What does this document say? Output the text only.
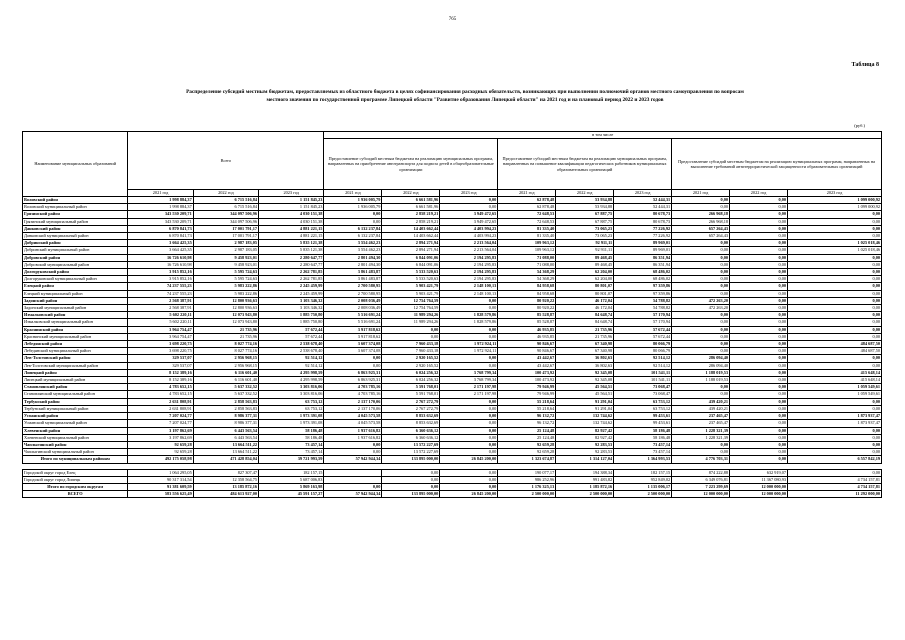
765
Таблица 8
Распределение субсидий местным бюджетам, предоставляемых из областного бюджета в целях софинансирования расходных обязательств, возникающих при выполнении полномочий органов местного самоуправления по вопросам местного значения по государственной программе Липецкой области "Развитие образования Липецкой области" на 2021 год и на плановый период 2022 и 2023 годов
(руб.)
Наименование муниципальных образований	Всего			в том числе								
				Предоставление субсидий местным бюджетам на реализацию муниципальных программ, направленных на приобретение автотранспорта для подвоза детей в общеобразовательные организации			Предоставление субсидий местным бюджетам на реализацию муниципальных программ, направленных на повышение квалификации педагогических работников муниципальных образовательных организаций			Предоставление субсидий местным бюджетам на реализацию муниципальных программ, направленных на выполнение требований антитеррористической защищенности образовательных организаций		
	2021 год	2022 год	2023 год	2021 год	2022 год	2023 год	2021 год	2022 год	2023 год	2021 год	2022 год	2023 год
Воловский район	1 998 884,37	6 715 516,84	1 151 845,23	1 936 005,79	6 661 581,96	0,00	62 878,48	53 934,88	52 444,31	0,00	0,00	1 099 000,92
Воловский муниципальный район	1 998 884,37	6 715 516,84	1 151 845,23	1 936 005,79	6 661 581,96	0,00	62 878,48	53 934,88	52 444,31	0,00	0,00	1 099 000,92
Грязинский район	343 530 209,71	344 097 506,96	4 030 151,38	0,00	2 858 219,21	3 949 472,65	72 648,53	67 887,75	80 678,73	266 968,18	0,00	0,00
Грязинский муниципальный район	343 530 209,71	344 097 506,96	4 030 151,38	0,00	2 858 219,21	3 949 472,65	72 648,53	67 887,75	80 678,73	266 968,18	0,00	0,00
Данковский район	6 870 841,73	17 001 791,17	4 881 221,15	6 132 237,84	14 403 662,44	4 403 994,23	81 335,40	73 065,23	77 226,92	657 264,43	0,00	0,00
Данковский муниципальный район	6 870 841,73	17 001 791,17	4 881 221,15	6 132 237,84	14 403 662,44	4 403 994,23	81 335,40	73 065,23	77 226,92	657 264,43	0,00	0,00
Добринский район	3 664 425,35	2 987 183,05	5 835 121,38	3 554 462,23	2 894 271,94	2 213 564,04	109 963,12	92 911,11	89 969,01	0,00	0,00	1 025 018,46
Добринский муниципальный район	3 664 425,35	2 987 183,05	5 835 121,38	3 554 462,23	2 894 271,94	2 213 564,04	109 963,12	92 911,11	89 969,01	0,00	0,00	1 025 018,46
Добровский район	16 726 610,98	9 458 923,01	2 280 647,77	2 801 494,30	6 844 091,06	2 194 295,83	71 088,00	89 468,45	86 351,94	0,00	0,00	0,00
Добровский муниципальный район	16 726 610,98	9 458 923,01	2 280 647,77	2 801 494,30	6 844 091,06	2 194 295,83	71 088,00	89 468,45	86 351,94	0,00	0,00	0,00
Долгоруковский район	3 915 852,16	5 595 724,63	2 262 781,85	3 861 483,87	5 533 520,63	2 194 295,83	54 368,29	62 204,00	68 486,02	0,00	0,00	0,00
Долгоруковский муниципальный район	3 915 852,16	5 595 724,63	2 262 781,85	3 861 483,87	5 533 520,63	2 194 295,83	54 368,29	62 204,00	68 486,02	0,00	0,00	0,00
Елецкий район	74 237 555,23	5 983 222,86	2 245 459,99	2 700 580,95	5 903 421,79	2 148 100,13	84 958,68	80 801,07	97 359,86	0,00	0,00	0,00
Елецкий муниципальный район	74 237 555,23	5 983 222,86	2 245 459,99	2 700 580,95	5 903 421,79	2 148 100,13	84 958,68	80 801,07	97 359,86	0,00	0,00	0,00
Задонский район	2 568 387,91	12 800 936,63	3 103 346,32	2 008 036,49	12 754 764,59	0,00	80 920,22	46 172,04	54 788,82	472 263,20	0,00	0,00
Задонский муниципальный район	2 568 387,91	12 800 936,63	3 103 346,32	2 008 036,49	12 754 764,59	0,00	80 920,22	46 172,04	54 788,82	472 263,20	0,00	0,00
Измалковский район	5 602 220,11	12 073 943,80	1 885 750,80	5 516 691,24	11 989 294,26	1 828 579,86	85 528,87	84 648,74	57 170,94	0,00	0,00	0,00
Измалковский муниципальный район	5 602 220,11	12 073 943,80	1 885 750,80	5 516 691,24	11 989 294,26	1 828 579,86	85 528,87	84 648,74	57 170,94	0,00	0,00	0,00
Краснинский район	3 964 754,47	21 735,96	57 672,44	3 917 818,62	0,00	0,00	46 935,85	21 735,96	57 672,44	0,00	0,00	0,00
Краснинский муниципальный район	3 964 754,47	21 735,96	57 672,44	3 917 818,62	0,00	0,00	46 935,85	21 735,96	57 672,44	0,00	0,00	0,00
Лебедянский район	3 698 220,75	8 027 774,16	2 538 678,40	3 607 374,08	7 960 433,18	1 972 924,11	90 846,67	67 340,98	80 066,79	0,00	0,00	484 687,50
Лебедянский муниципальный район	3 698 220,75	8 027 774,16	2 538 678,40	3 607 374,08	7 960 433,18	1 972 924,11	90 846,67	67 340,98	80 066,79	0,00	0,00	484 687,50
Лев-Толстовский район	329 537,07	2 956 968,15	92 514,12	0,00	2 920 165,52	0,00	43 442,67	36 802,63	92 514,12	286 094,40	0,00	0,00
Лев-Толстовский муниципальный район	329 537,07	2 956 968,15	92 514,12	0,00	2 920 165,52	0,00	43 442,67	36 802,63	92 514,12	286 094,40	0,00	0,00
Липецкий район	8 152 389,16	6 116 601,40	4 295 998,59	6 863 925,31	6 024 256,32	3 768 799,34	100 473,92	92 345,08	101 541,11	1 188 019,53	0,00	415 648,14
Липецкий муниципальный район	8 152 389,16	6 116 601,40	4 295 998,59	6 863 925,31	6 024 256,32	3 768 799,34	100 473,92	92 345,08	101 541,11	1 188 019,53	0,00	415 648,14
Становлянский район	4 783 652,15	5 637 332,52	3 303 816,06	4 703 785,16	5 591 768,01	2 171 197,98	79 946,99	45 564,51	73 068,47	0,00	0,00	1 059 549,61
Становлянский муниципальный район	4 783 652,15	5 637 332,52	3 303 816,06	4 703 785,16	5 591 768,01	2 171 197,98	79 946,99	45 564,51	73 068,47	0,00	0,00	1 059 549,61
Тербунский район	2 631 808,91	2 858 563,83	63 753,12	2 137 170,06	2 767 272,79	0,00	55 218,64	91 291,04	63 753,12	439 420,21	0,00	0,00
Тербунский муниципальный район	2 631 808,91	2 858 563,83	63 753,12	2 137 170,06	2 767 272,79	0,00	55 218,64	91 291,04	63 753,12	439 420,21	0,00	0,00
Усманский район	7 207 024,77	8 986 377,31	1 973 391,08	4 045 573,58	8 853 632,69	0,00	96 132,72	132 744,62	99 453,61	237 465,47	0,00	1 873 937,47
Усманский муниципальный район	7 207 024,77	8 986 377,31	1 973 391,08	4 045 573,58	8 853 632,69	0,00	96 132,72	132 744,62	99 453,61	237 465,47	0,00	1 873 937,47
Хлевенский район	3 197 862,69	6 443 563,54	58 186,48	1 937 616,82	6 360 636,12	0,00	25 124,48	82 927,42	58 186,48	1 228 321,39	0,00	0,00
Хлевенский муниципальный район	3 197 862,69	6 443 563,54	58 186,48	1 937 616,82	6 360 636,12	0,00	25 124,48	82 927,42	58 186,48	1 228 321,39	0,00	0,00
Чаплыгинский район	92 659,28	13 664 511,22	73 457,14	0,00	13 572 227,69	0,00	92 659,28	92 283,53	73 457,14	0,00	0,00	0,00
Чаплыгинский муниципальный район	92 659,28	13 664 511,22	73 457,14	0,00	13 572 227,69	0,00	92 659,28	92 283,53	73 457,14	0,00	0,00	0,00
Итого по муниципальным районам	492 175 058,98	471 428 854,04	39 721 993,59	57 942 944,34	133 895 000,00	26 845 200,00	1 323 674,87	1 314 127,04	1 364 993,53	4 776 703,31	0,00	6 557 842,19

Городской округ город Елец	1 064 295,05	827 307,47	182 157,15		0,00	0,00	190 077,17	194 388,34	182 157,15	874 222,88	632 919,07	0,00
Городской округ город Липецк	90 317 314,54	12 358 564,75	5 687 006,83		0,00	0,00	986 252,96	991 483,82	952 849,02	6 349 076,81	11 367 080,93	4 734 157,81
Итого по городским округам	91 381 609,59	13 185 872,16	5 869 163,98	0,00	0,00	0,00	1 176 325,13	1 185 872,16	1 135 006,17	7 223 299,69	12 000 000,00	4 734 157,81
ВСЕГО	583 556 625,49	484 613 927,00	45 591 157,27	57 942 944,34	133 895 000,00	26 845 200,00	2 500 000,00	2 500 000,00	2 500 000,00	12 000 000,00	12 000 000,00	11 292 000,00
